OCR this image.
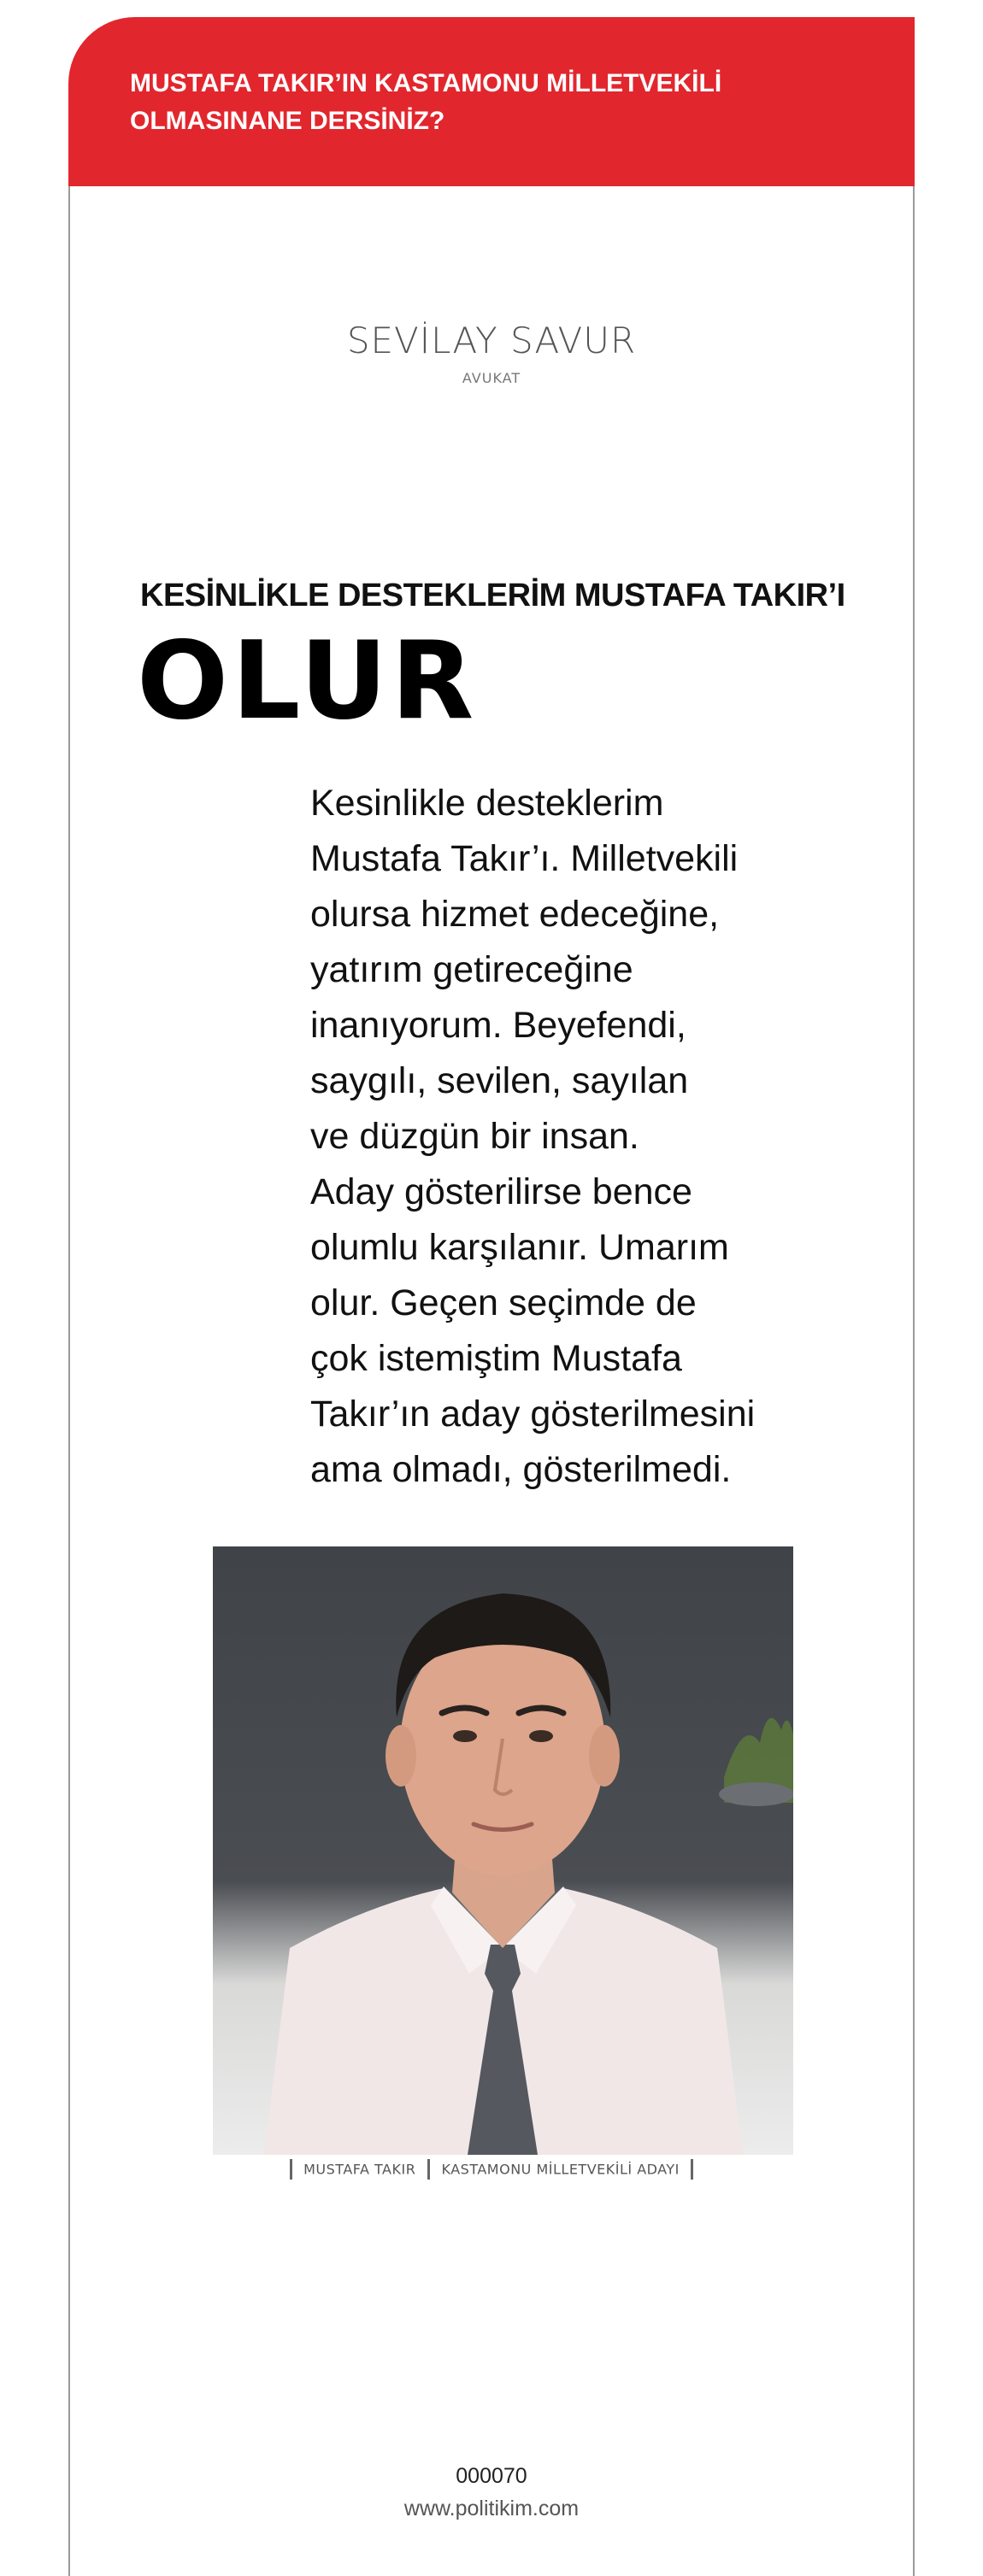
MUSTAFA TAKIR’IN KASTAMONU MİLLETVEKİLİ
OLMASINANE DERSİNİZ?
SEVİLAY SAVUR
AVUKAT
KESİNLİKLE DESTEKLERİM MUSTAFA TAKIR’I
OLUR

Kesinlikle desteklerim
Mustafa Takır’ı. Milletvekili
olursa hizmet edeceğine,
yatırım getireceğine
inanıyorum. Beyefendi,
saygılı, sevilen, sayılan
ve düzgün bir insan.
Aday gösterilirse bence
olumlu karşılanır. Umarım
olur. Geçen seçimde de
çok istemiştim Mustafa
Takır’ın aday gösterilmesini
ama olmadı, gösterilmedi.

MUSTAFA TAKIR KASTAMONU MİLLETVEKİLİ ADAYI
000070
www.politikim.com
